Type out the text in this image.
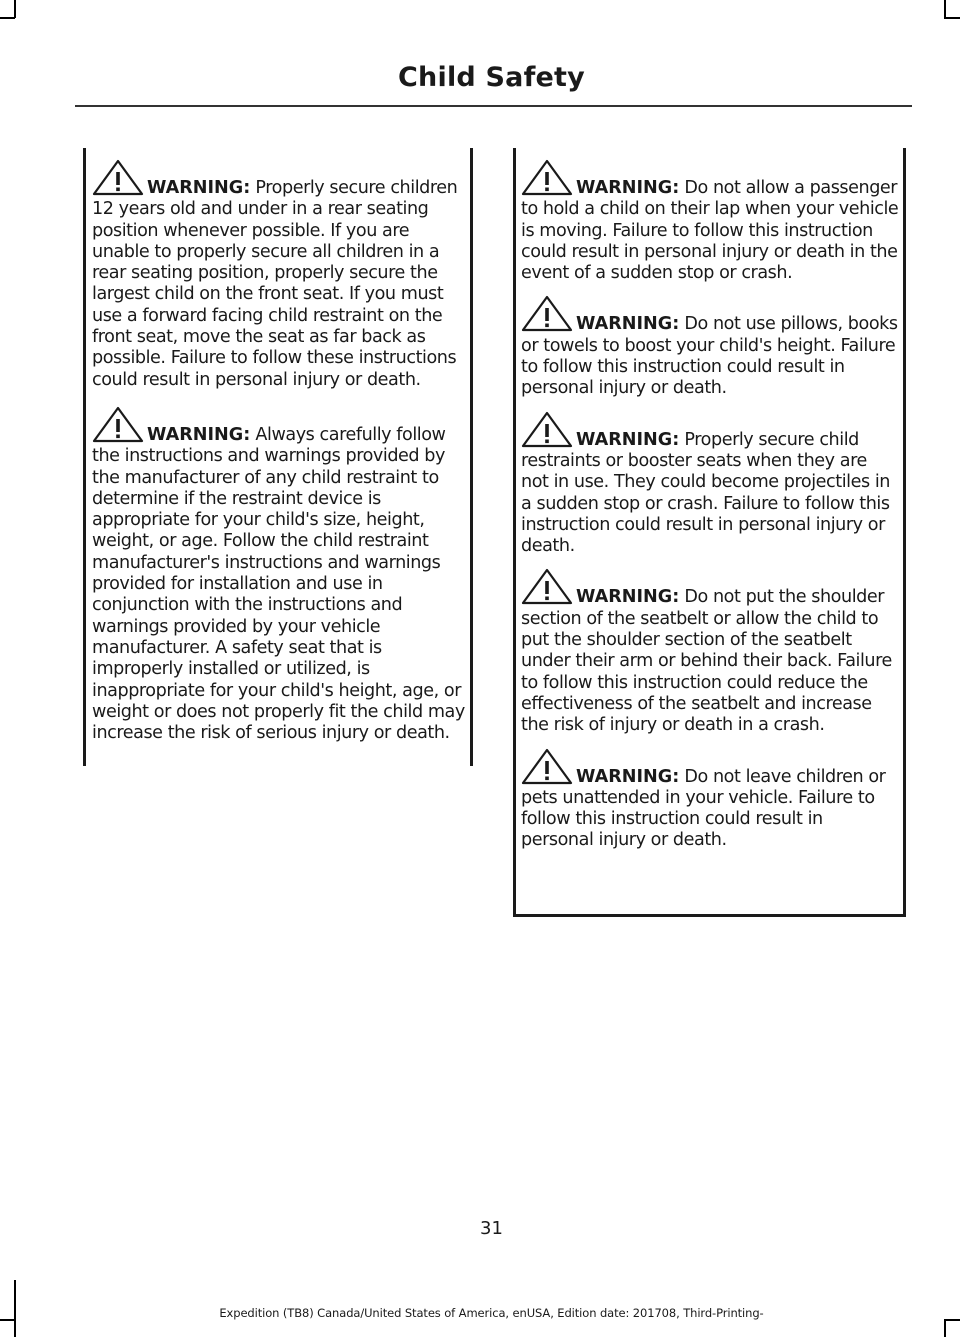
Child Safety

WARNING: Properly secure children 12 years old and under in a rear seating position whenever possible. If you are unable to properly secure all children in a rear seating position, properly secure the largest child on the front seat. If you must use a forward facing child restraint on the front seat, move the seat as far back as possible. Failure to follow these instructions could result in personal injury or death.

WARNING: Always carefully follow the instructions and warnings provided by the manufacturer of any child restraint to determine if the restraint device is appropriate for your child's size, height, weight, or age. Follow the child restraint manufacturer's instructions and warnings provided for installation and use in conjunction with the instructions and warnings provided by your vehicle manufacturer. A safety seat that is improperly installed or utilized, is inappropriate for your child's height, age, or weight or does not properly fit the child may increase the risk of serious injury or death.

WARNING: Do not allow a passenger to hold a child on their lap when your vehicle is moving. Failure to follow this instruction could result in personal injury or death in the event of a sudden stop or crash.

WARNING: Do not use pillows, books or towels to boost your child's height. Failure to follow this instruction could result in personal injury or death.

WARNING: Properly secure child restraints or booster seats when they are not in use. They could become projectiles in a sudden stop or crash. Failure to follow this instruction could result in personal injury or death.

WARNING: Do not put the shoulder section of the seatbelt or allow the child to put the shoulder section of the seatbelt under their arm or behind their back. Failure to follow this instruction could reduce the effectiveness of the seatbelt and increase the risk of injury or death in a crash.

WARNING: Do not leave children or pets unattended in your vehicle. Failure to follow this instruction could result in personal injury or death.

31
Expedition (TB8) Canada/United States of America, enUSA, Edition date: 201708, Third-Printing-
